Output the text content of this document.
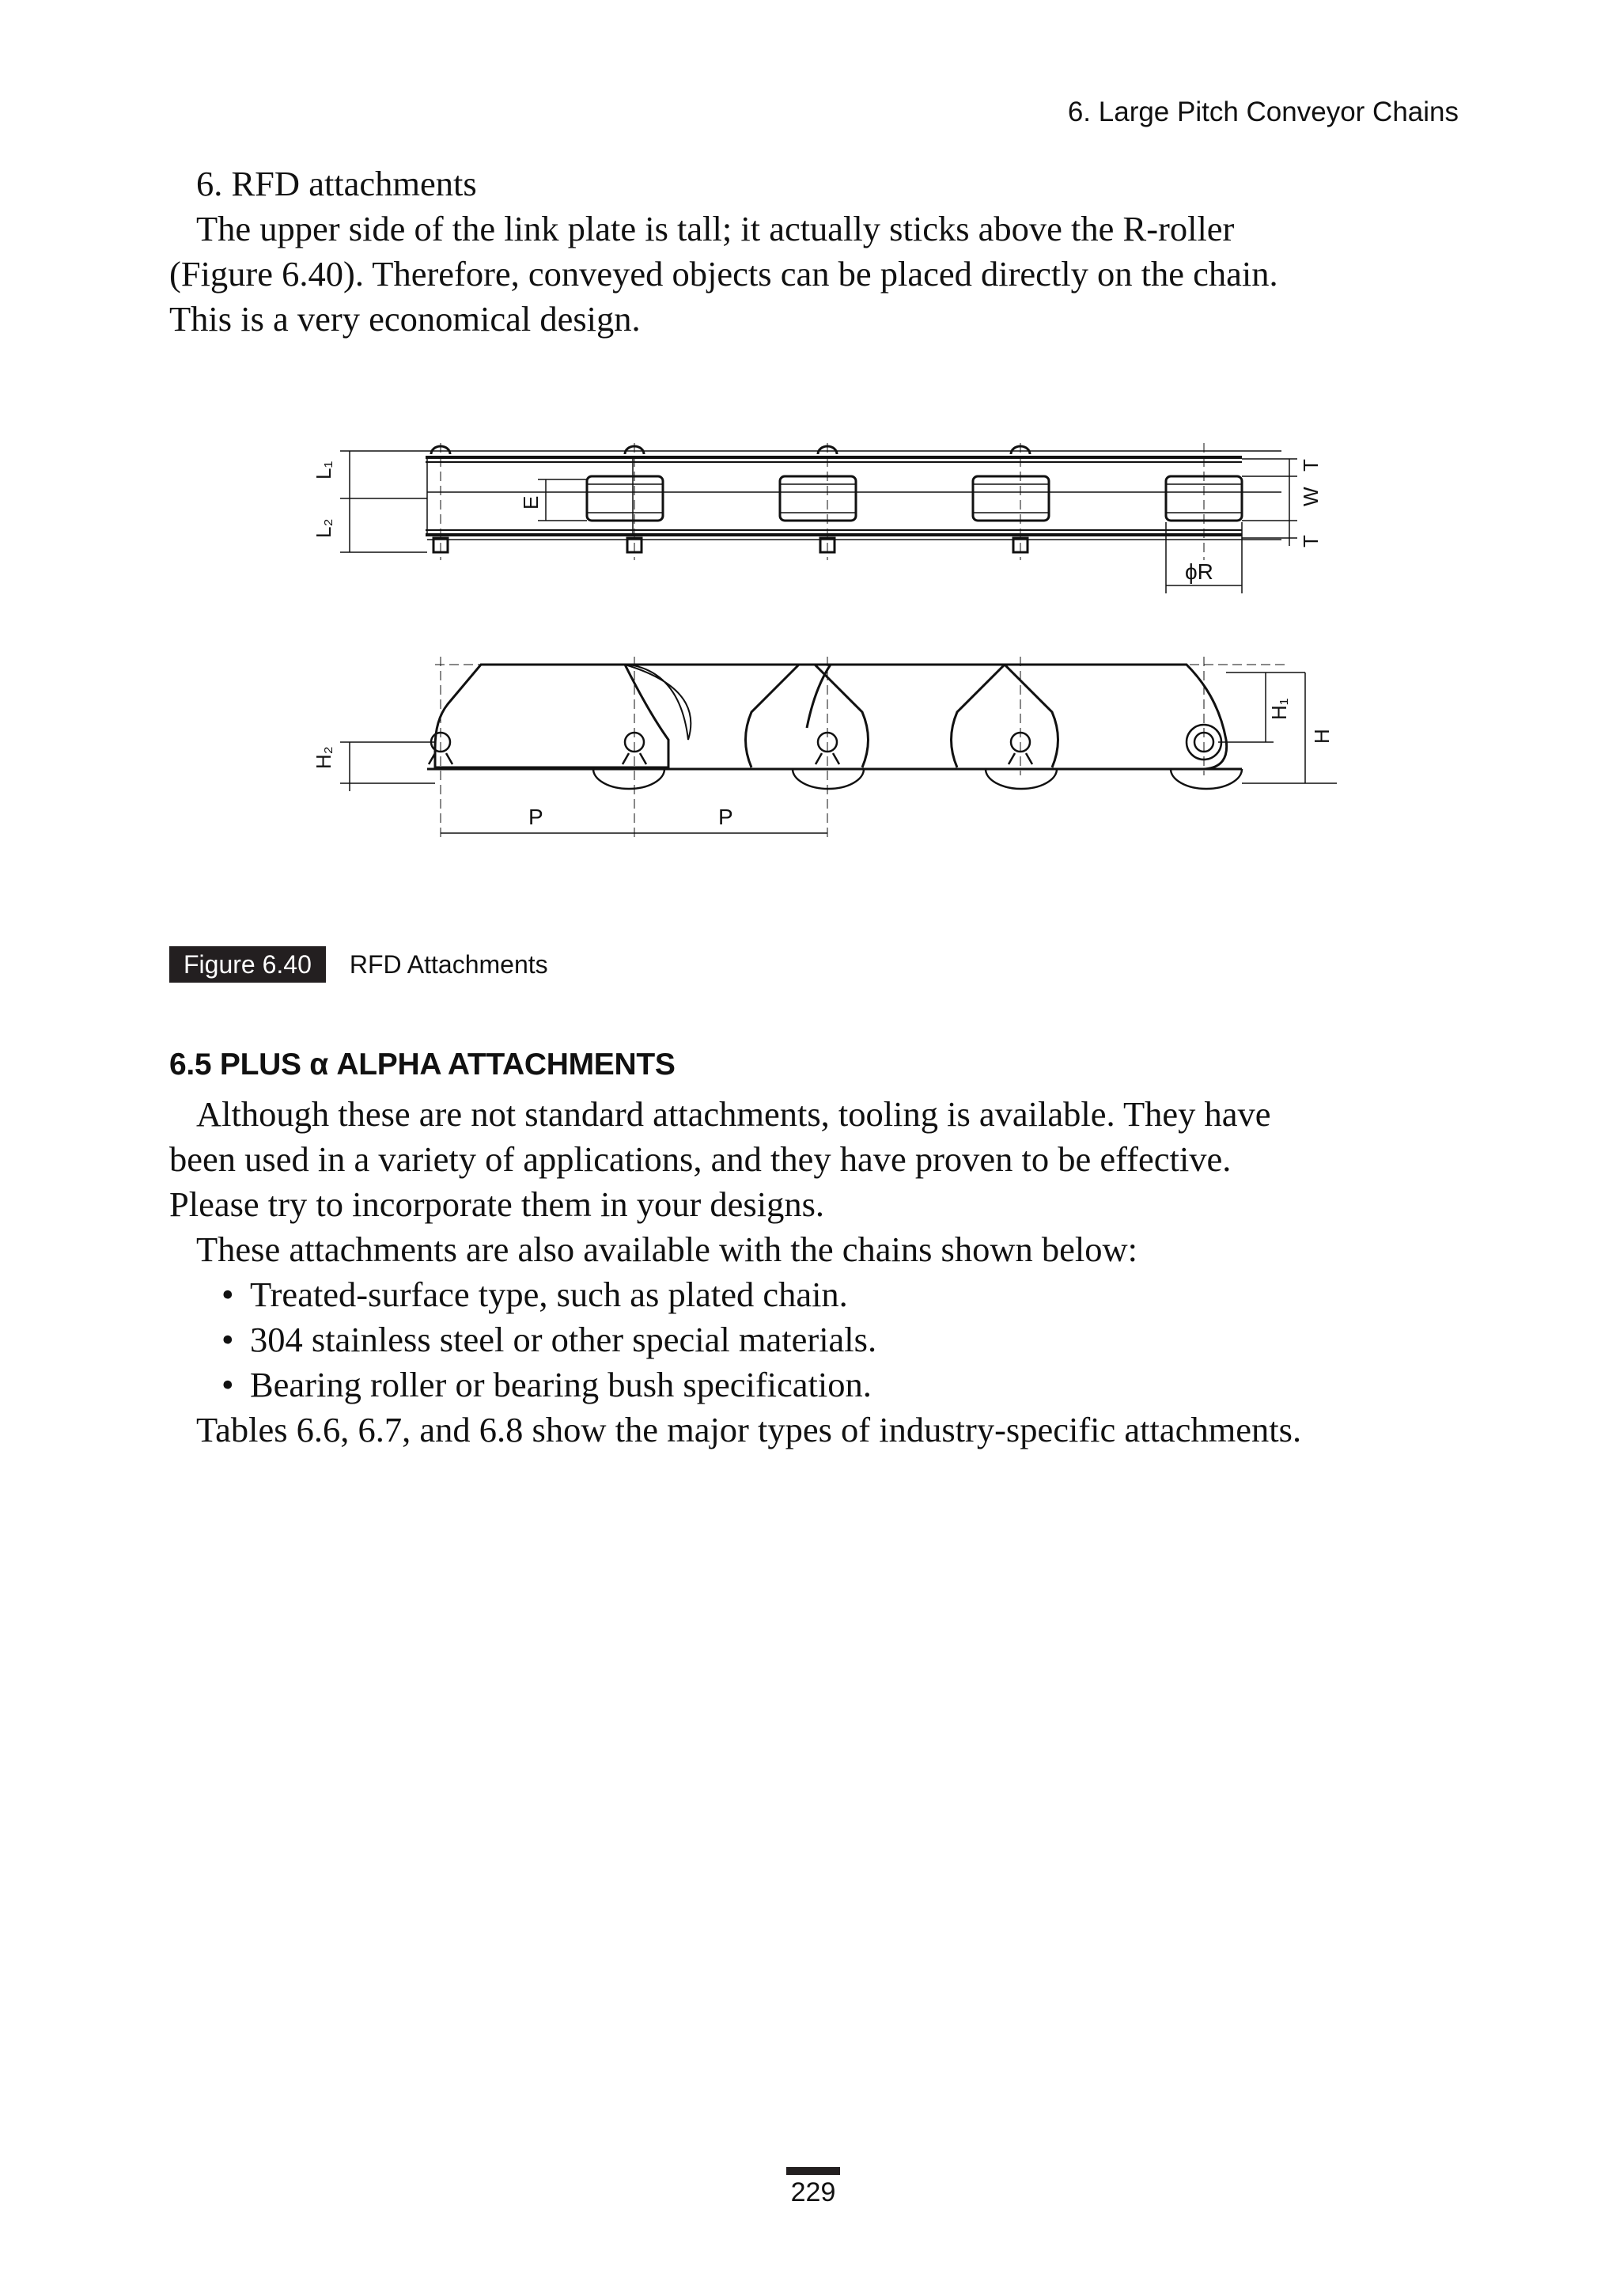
6. Large Pitch Conveyor Chains

6. RFD attachments

The upper side of the link plate is tall; it actually sticks above the R-roller

(Figure 6.40). Therefore, conveyed objects can be placed directly on the chain.

This is a very economical design.

L₁
L₂
E
T
W
T
ϕR
H₁
H
H₂
P	P
Figure 6.40	RFD Attachments
6.5 PLUS α ALPHA ATTACHMENTS

Although these are not standard attachments, tooling is available. They have

been used in a variety of applications, and they have proven to be effective.

Please try to incorporate them in your designs.

These attachments are also available with the chains shown below:

• Treated-surface type, such as plated chain.
• 304 stainless steel or other special materials.
• Bearing roller or bearing bush specification.

Tables 6.6, 6.7, and 6.8 show the major types of industry-specific attachments.

229
